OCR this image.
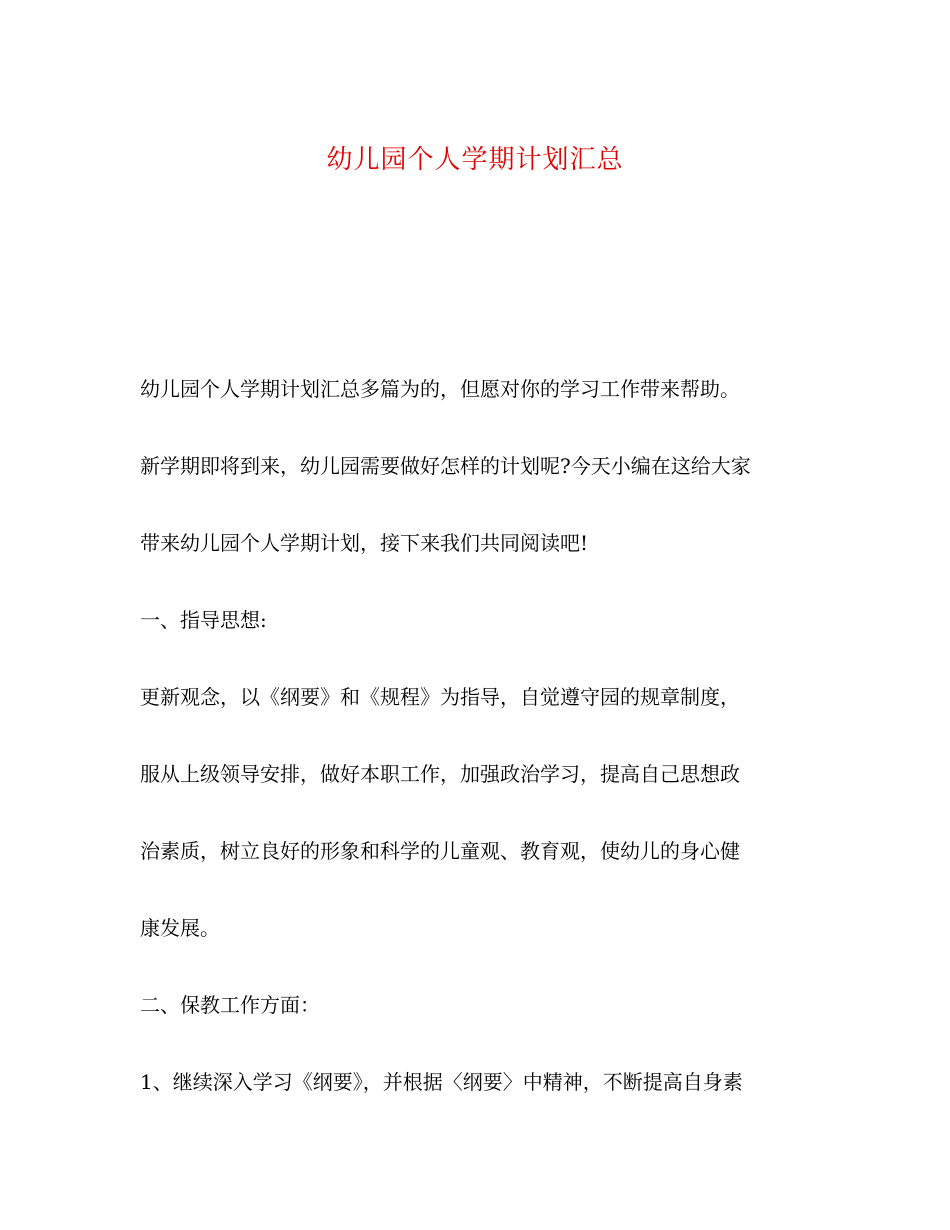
幼儿园个人学期计划汇总

幼儿园个人学期计划汇总多篇为的，但愿对你的学习工作带来帮助。

新学期即将到来，幼儿园需要做好怎样的计划呢?今天小编在这给大家

带来幼儿园个人学期计划，接下来我们共同阅读吧!

一、指导思想:

更新观念，以《纲要》和《规程》为指导，自觉遵守园的规章制度，

服从上级领导安排，做好本职工作，加强政治学习，提高自己思想政

治素质，树立良好的形象和科学的儿童观、教育观，使幼儿的身心健

康发展。

二、保教工作方面：

1、继续深入学习《纲要》，并根据〈纲要〉中精神，不断提高自身素
